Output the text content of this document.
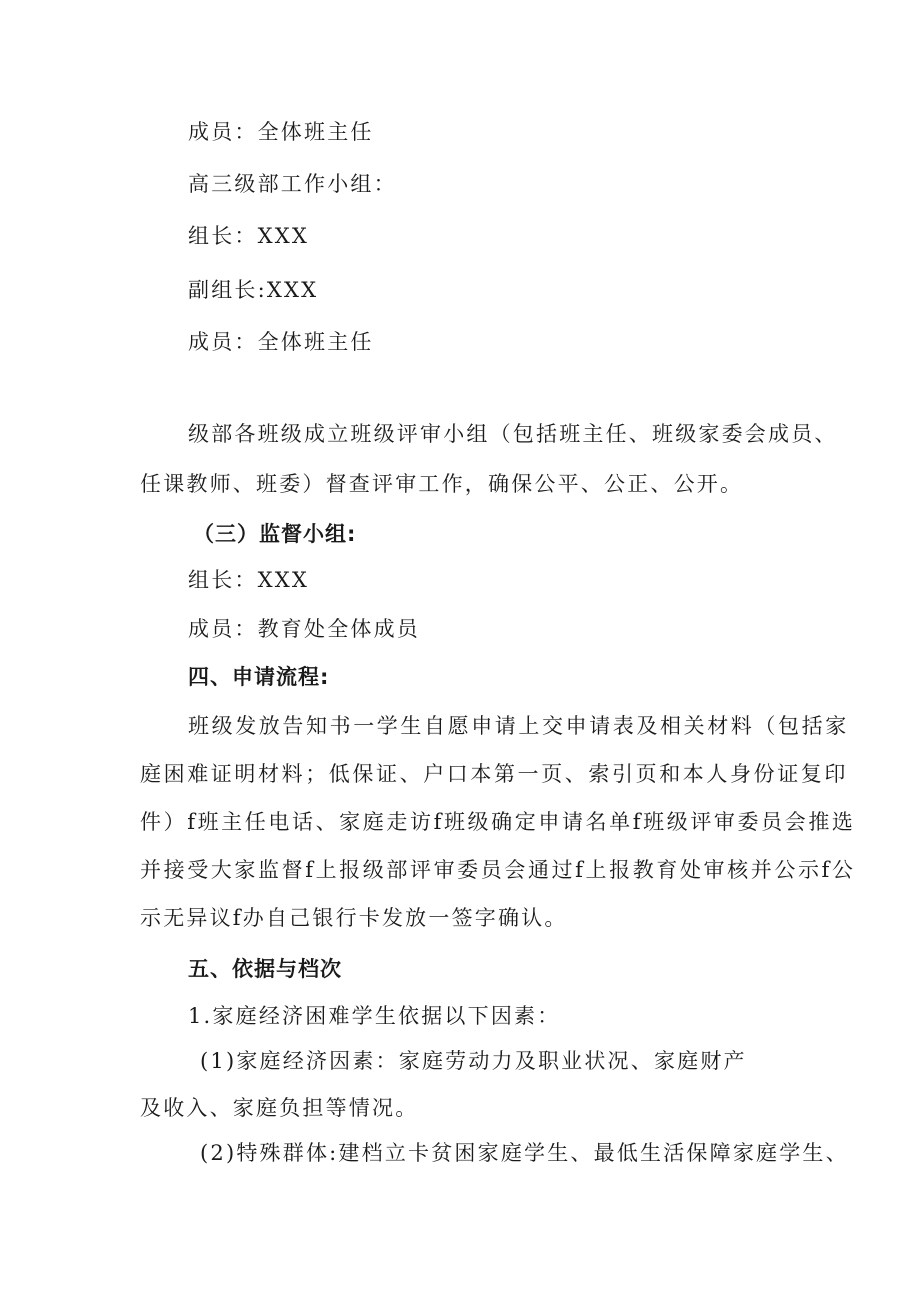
成员：全体班主任
高三级部工作小组：
组长：XXX
副组长:XXX
成员：全体班主任
级部各班级成立班级评审小组（包括班主任、班级家委会成员、
任课教师、班委）督查评审工作，确保公平、公正、公开。
（三）监督小组:
组长：XXX
成员：教育处全体成员
四、申请流程:
班级发放告知书一学生自愿申请上交申请表及相关材料（包括家
庭困难证明材料；低保证、户口本第一页、索引页和本人身份证复印
件）f班主任电话、家庭走访f班级确定申请名单f班级评审委员会推选
并接受大家监督f上报级部评审委员会通过f上报教育处审核并公示f公
示无异议f办自己银行卡发放一签字确认。
五、依据与档次
1.家庭经济困难学生依据以下因素：
(1)家庭经济因素：家庭劳动力及职业状况、家庭财产
及收入、家庭负担等情况。
(2)特殊群体:建档立卡贫困家庭学生、最低生活保障家庭学生、
